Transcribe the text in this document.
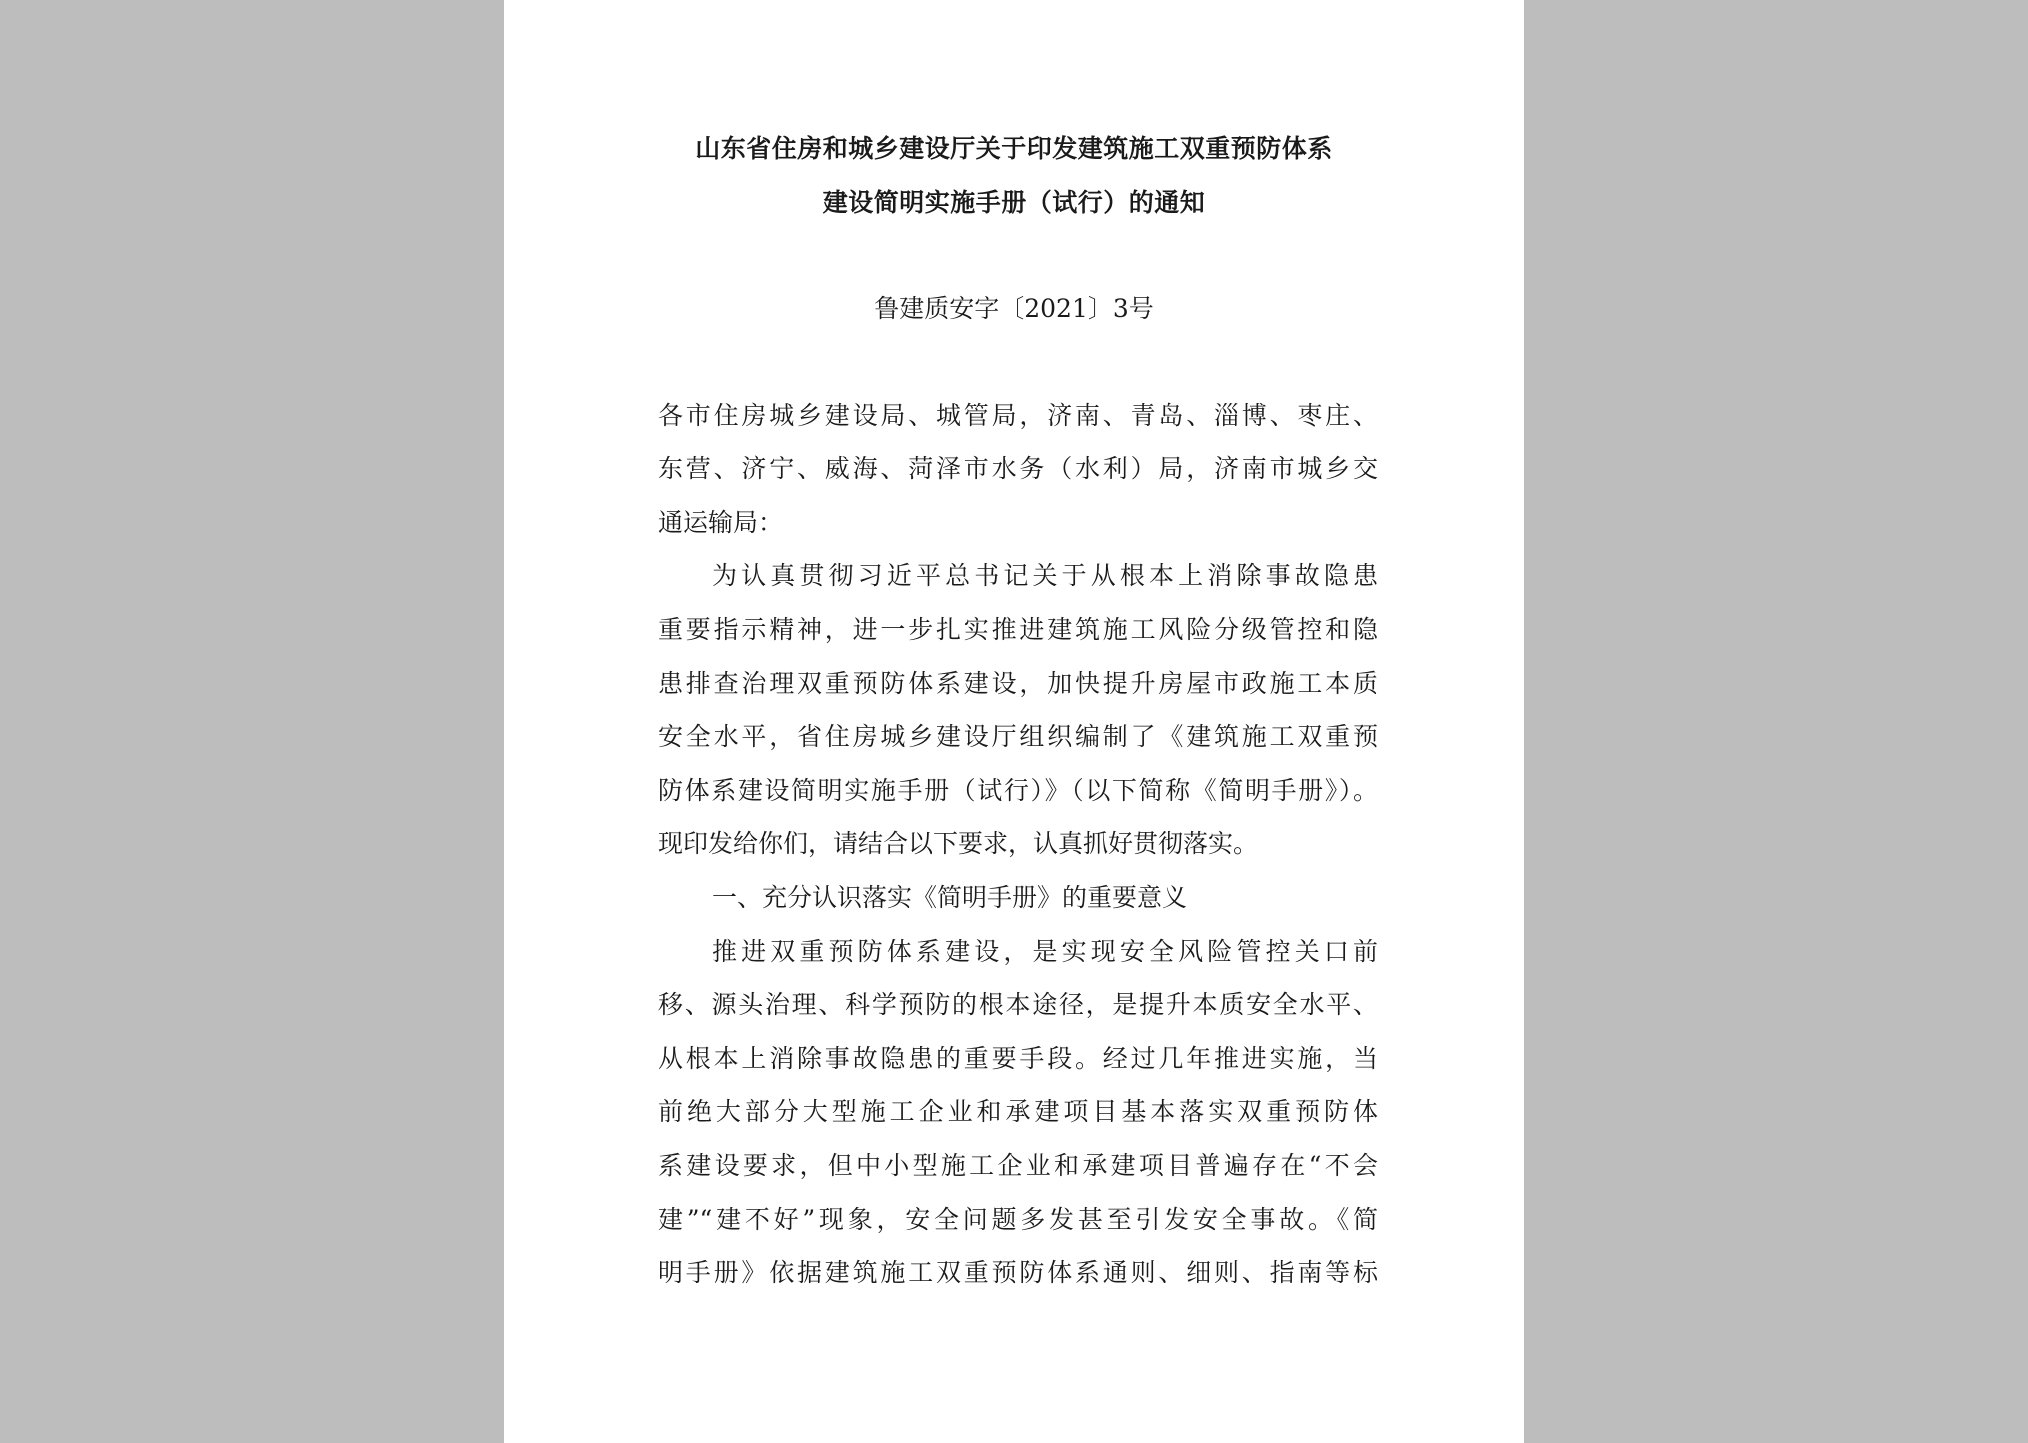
山东省住房和城乡建设厅关于印发建筑施工双重预防体系
建设简明实施手册（试行）的通知
鲁建质安字〔2021〕3号
各市住房城乡建设局、城管局，济南、青岛、淄博、枣庄、
东营、济宁、威海、菏泽市水务（水利）局，济南市城乡交
通运输局：
为认真贯彻习近平总书记关于从根本上消除事故隐患
重要指示精神，进一步扎实推进建筑施工风险分级管控和隐
患排查治理双重预防体系建设，加快提升房屋市政施工本质
安全水平，省住房城乡建设厅组织编制了《建筑施工双重预
防体系建设简明实施手册（试行）》（以下简称《简明手册》）。
现印发给你们，请结合以下要求，认真抓好贯彻落实。
一、充分认识落实《简明手册》的重要意义
推进双重预防体系建设，是实现安全风险管控关口前
移、源头治理、科学预防的根本途径，是提升本质安全水平、
从根本上消除事故隐患的重要手段。经过几年推进实施，当
前绝大部分大型施工企业和承建项目基本落实双重预防体
系建设要求，但中小型施工企业和承建项目普遍存在“不会
建”“建不好”现象，安全问题多发甚至引发安全事故。《简
明手册》依据建筑施工双重预防体系通则、细则、指南等标
